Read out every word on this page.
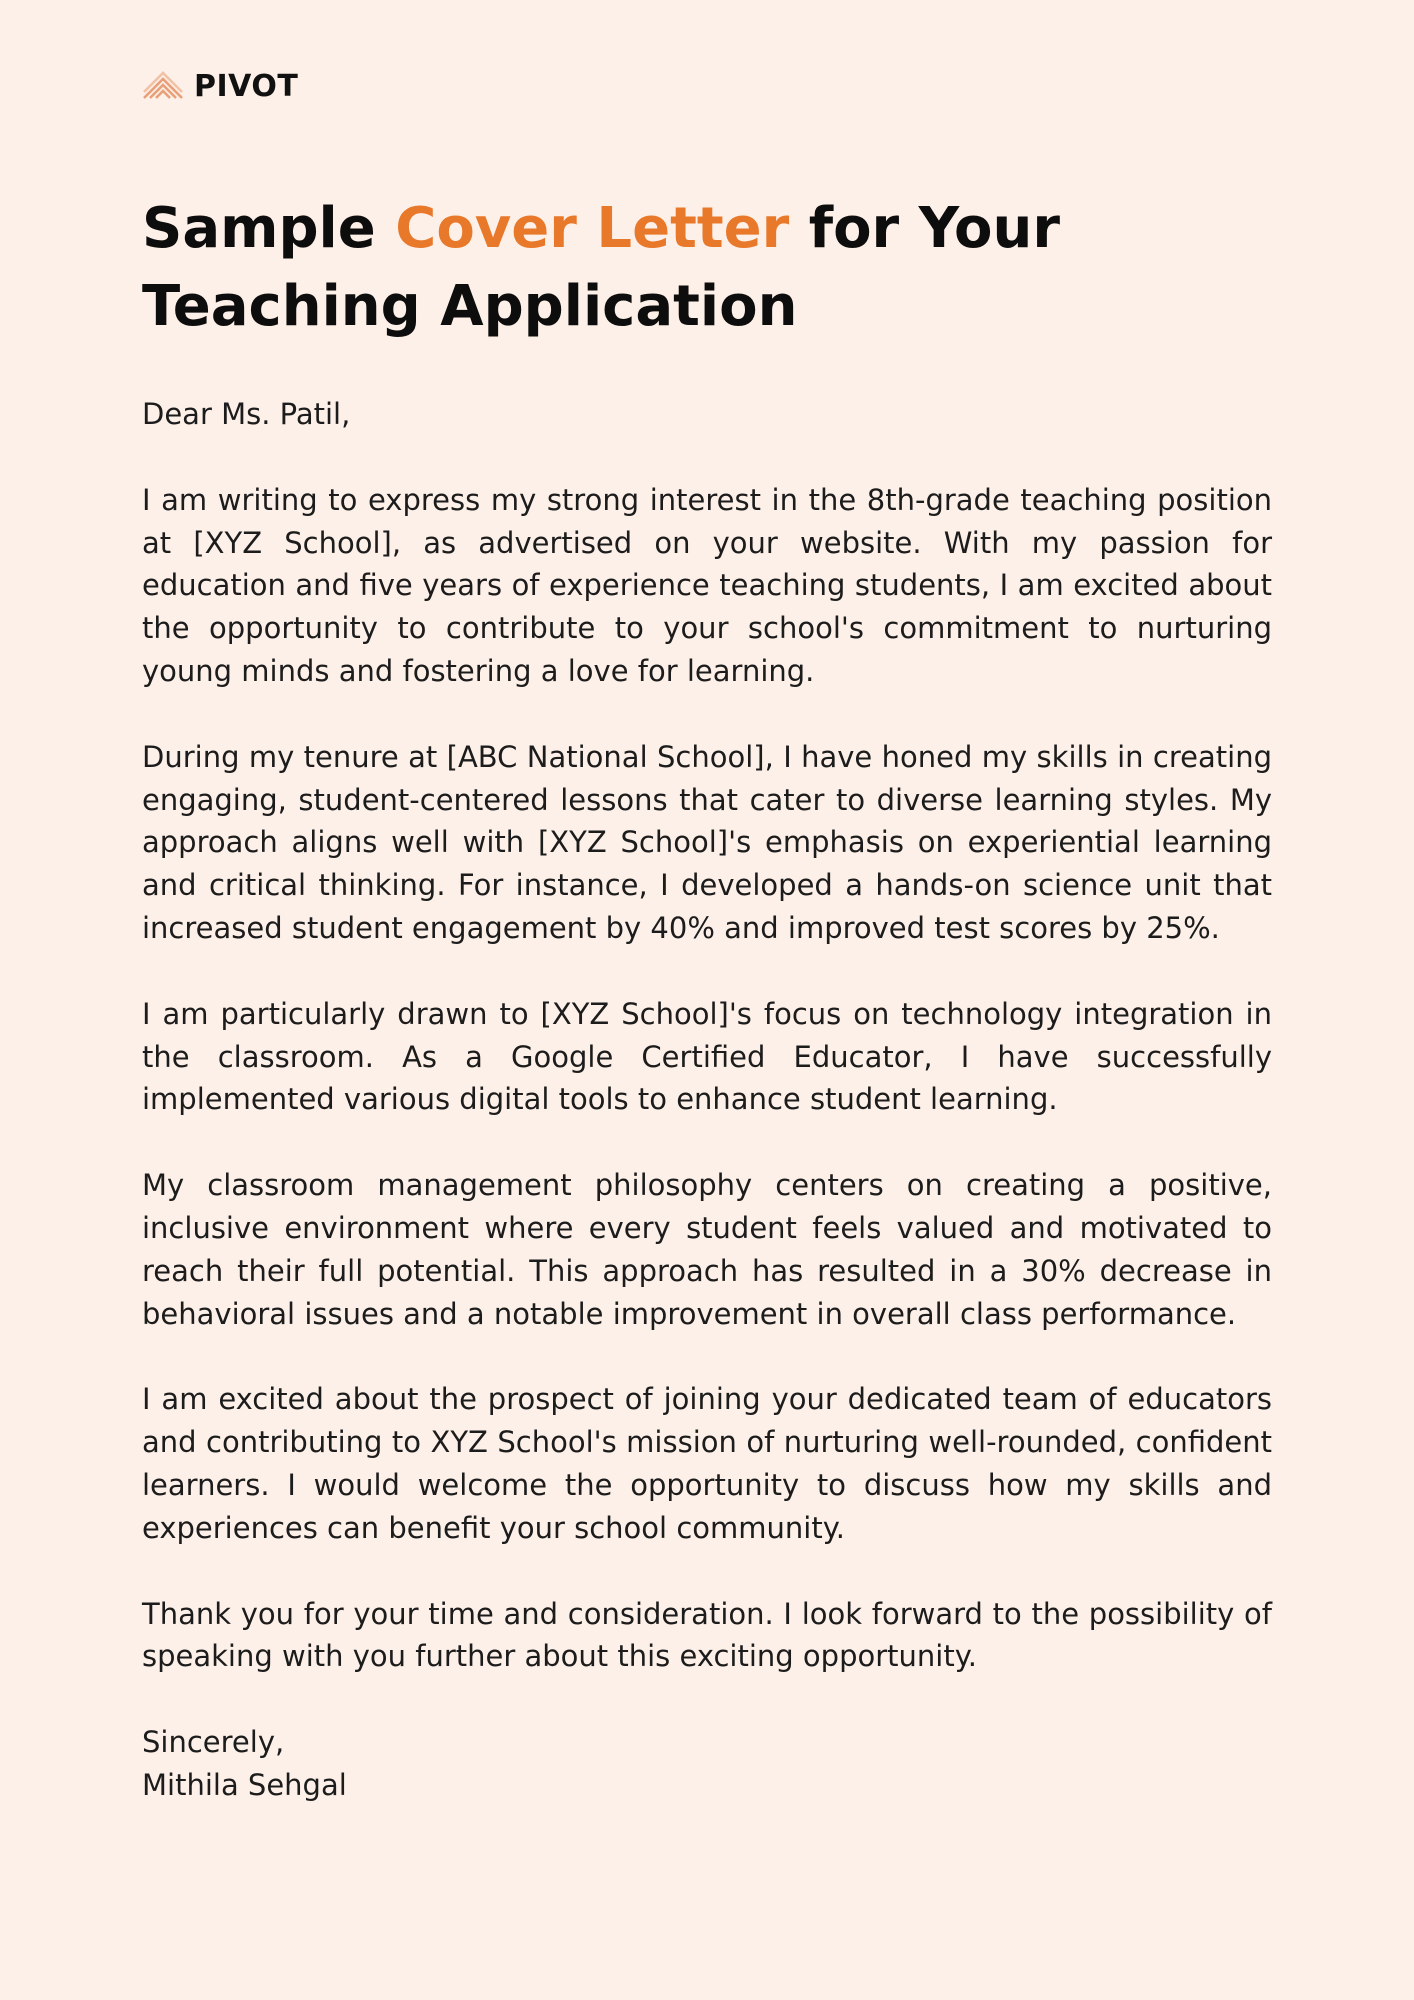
PIVOT
Sample Cover Letter for Your
Teaching Application

Dear Ms. Patil,

I am writing to express my strong interest in the 8th-grade teaching position at [XYZ School], as advertised on your website. With my passion for education and five years of experience teaching students, I am excited about the opportunity to contribute to your school's commitment to nurturing young minds and fostering a love for learning.

During my tenure at [ABC National School], I have honed my skills in creating engaging, student-centered lessons that cater to diverse learning styles. My approach aligns well with [XYZ School]'s emphasis on experiential learning and critical thinking. For instance, I developed a hands-on science unit that increased student engagement by 40% and improved test scores by 25%.

I am particularly drawn to [XYZ School]'s focus on technology integration in the classroom. As a Google Certified Educator, I have successfully implemented various digital tools to enhance student learning.

My classroom management philosophy centers on creating a positive, inclusive environment where every student feels valued and motivated to reach their full potential. This approach has resulted in a 30% decrease in behavioral issues and a notable improvement in overall class performance.

I am excited about the prospect of joining your dedicated team of educators and contributing to XYZ School's mission of nurturing well-rounded, confident learners. I would welcome the opportunity to discuss how my skills and experiences can benefit your school community.

Thank you for your time and consideration. I look forward to the possibility of speaking with you further about this exciting opportunity.

Sincerely,

Mithila Sehgal
